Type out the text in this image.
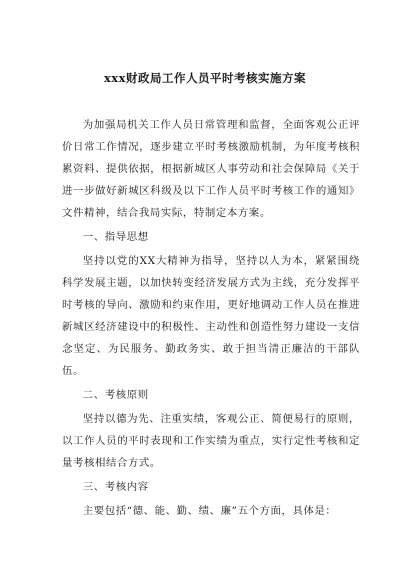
xxx财政局工作人员平时考核实施方案

为加强局机关工作人员日常管理和监督，全面客观公正评价日常工作情况，逐步建立平时考核激励机制，为年度考核积累资料、提供依据，根据新城区人事劳动和社会保障局《关于进一步做好新城区科级及以下工作人员平时考核工作的通知》文件精神，结合我局实际，特制定本方案。

一、指导思想

坚持以党的XX大精神为指导，坚持以人为本，紧紧围绕科学发展主题，以加快转变经济发展方式为主线，充分发挥平时考核的导向、激励和约束作用，更好地调动工作人员在推进新城区经济建设中的积极性、主动性和创造性努力建设一支信念坚定、为民服务、勤政务实、敢于担当清正廉洁的干部队伍。

二、考核原则

坚持以德为先、注重实绩，客观公正、简便易行的原则，以工作人员的平时表现和工作实绩为重点，实行定性考核和定量考核相结合方式。

三、考核内容

主要包括“德、能、勤、绩、廉”五个方面，具体是：
